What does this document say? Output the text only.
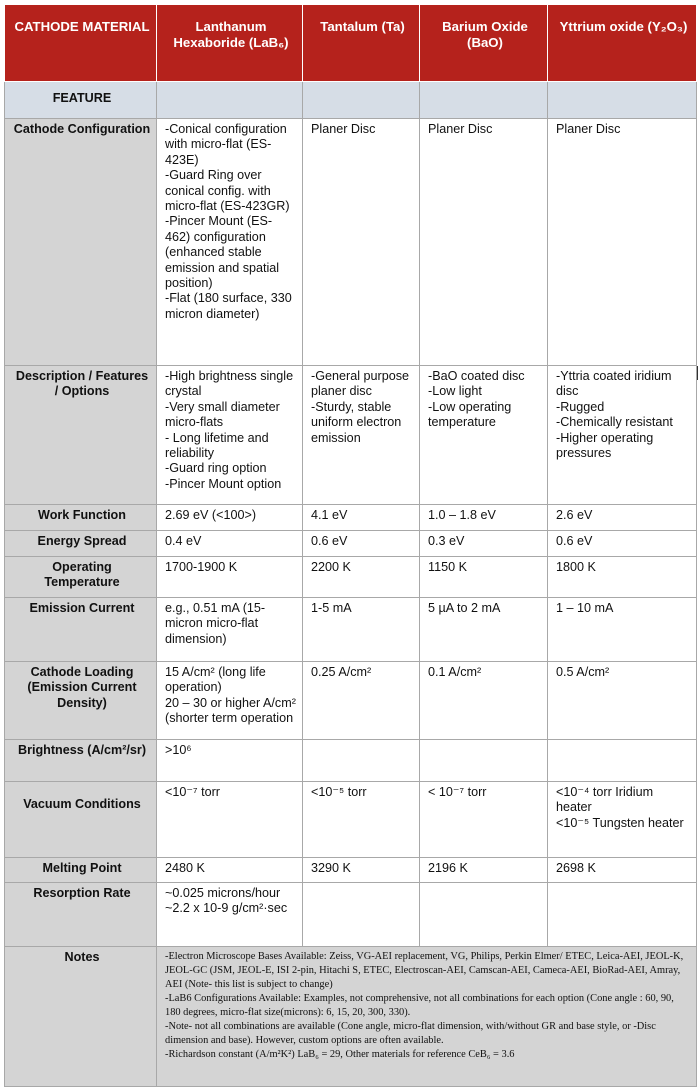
CATHODE MATERIAL	Lanthanum Hexaboride (LaB₆)	Tantalum (Ta)	Barium Oxide (BaO)	Yttrium oxide (Y₂O₃)
FEATURE				
Cathode Configuration	-Conical configuration with micro-flat (ES-423E)
-Guard Ring over conical config. with micro-flat (ES-423GR)
-Pincer Mount (ES-462) configuration (enhanced stable emission and spatial position)
-Flat (180 surface, 330 micron diameter)	Planer Disc	Planer Disc	Planer Disc
Description / Features / Options	-High brightness single crystal
-Very small diameter micro-flats
- Long lifetime and reliability
-Guard ring option
-Pincer Mount option	-General purpose planer disc
-Sturdy, stable uniform electron emission	-BaO coated disc
-Low light
-Low operating temperature	-Yttria coated iridium disc
-Rugged
-Chemically resistant
-Higher operating pressures

Work Function	2.69 eV (<100>)	4.1 eV	1.0 – 1.8 eV	2.6 eV
Energy Spread	0.4 eV	0.6 eV	0.3 eV	0.6 eV
Operating Temperature	1700-1900 K	2200 K	1150 K	1800 K
Emission Current	e.g., 0.51 mA (15-micron micro-flat dimension)	1-5 mA	5 µA to 2 mA	1 – 10 mA
Cathode Loading (Emission Current Density)	15 A/cm² (long life operation)
20 – 30 or higher A/cm² (shorter term operation	0.25 A/cm²	0.1 A/cm²	0.5 A/cm²
Brightness (A/cm²/sr)	>10⁶			
Vacuum Conditions	<10⁻⁷ torr	<10⁻⁵ torr	< 10⁻⁷ torr	<10⁻⁴ torr Iridium heater
<10⁻⁵ Tungsten heater

Melting Point	2480 K	3290 K	2196 K	2698 K
Resorption Rate	~0.025 microns/hour
~2.2 x 10-9 g/cm²·sec			

Notes	-Electron Microscope Bases Available: Zeiss, VG-AEI replacement, VG, Philips, Perkin Elmer/ ETEC, Leica-AEI, JEOL-K, JEOL-GC (JSM, JEOL-E, ISI 2-pin, Hitachi S, ETEC, Electroscan-AEI, Camscan-AEI, Cameca-AEI, BioRad-AEI, Amray, AEI (Note- this list is subject to change)
-LaB6 Configurations Available: Examples, not comprehensive, not all combinations for each option (Cone angle : 60, 90, 180 degrees, micro-flat size(microns): 6, 15, 20, 300, 330).
-Note- not all combinations are available (Cone angle, micro-flat dimension, with/without GR and base style, or -Disc dimension and base). However, custom options are often available.
-Richardson constant (A/m²K²) LaB₆ = 29, Other materials for reference CeB₆ = 3.6			
